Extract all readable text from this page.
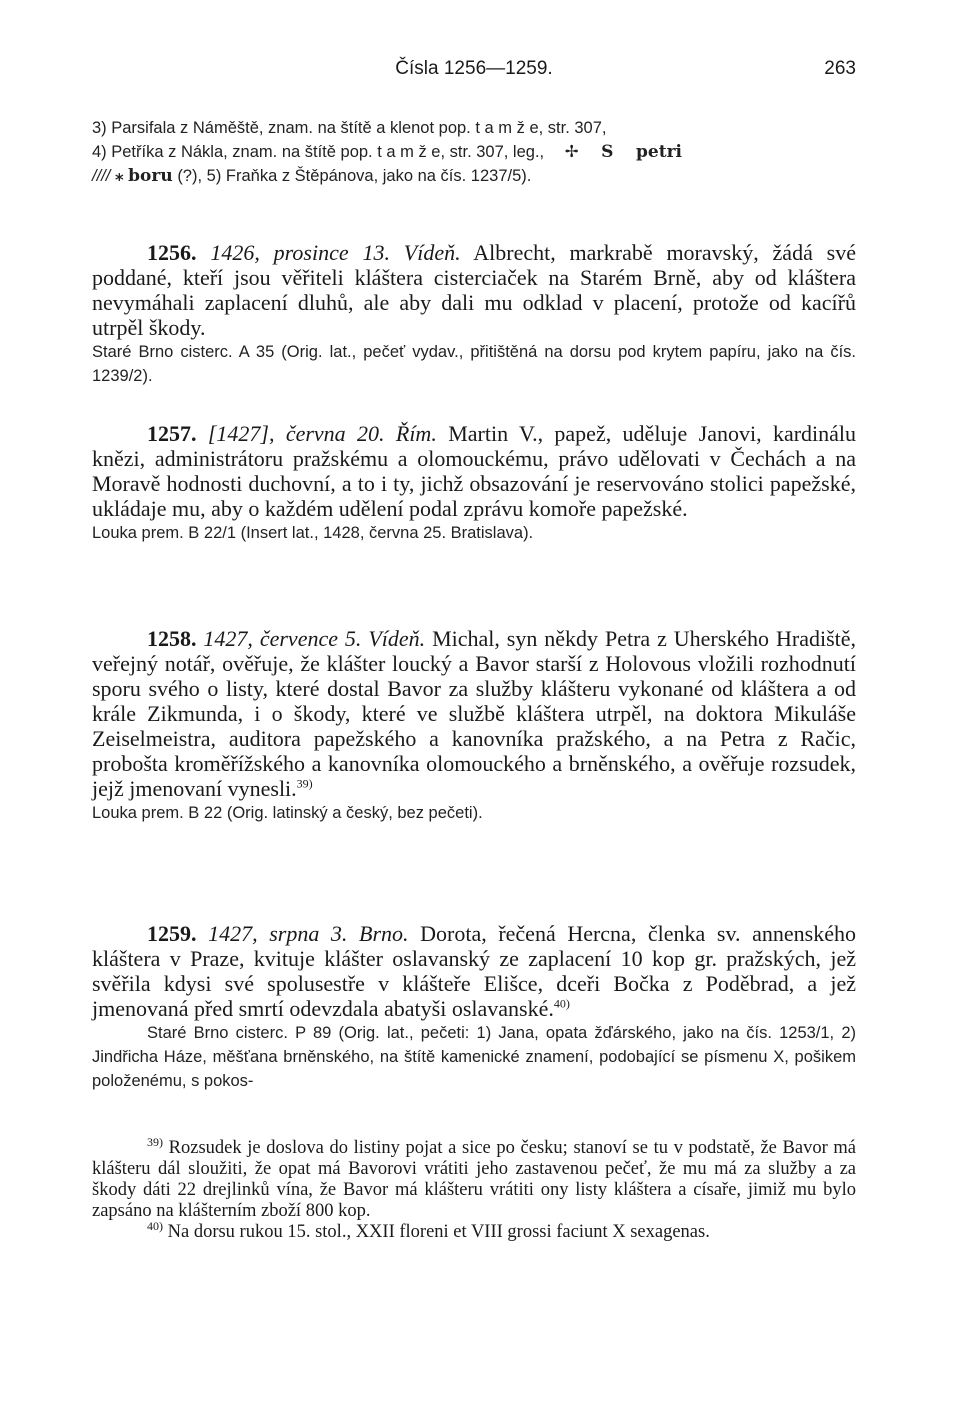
Čísla 1256—1259.	263
3) Parsifala z Náměště, znam. na štítě a klenot pop. t a m ž e, str. 307,
4) Petříka z Nákla, znam. na štítě pop. t a m ž e, str. 307, leg., ✢ S petri
//// ⁎ boru (?), 5) Fraňka z Štěpánova, jako na čís. 1237/5).
1256. 1426, prosince 13. Vídeň. Albrecht, markrabě moravský, žádá své poddané, kteří jsou věřiteli kláštera cisterciaček na Starém Brně, aby od kláštera nevymáhali zaplacení dluhů, ale aby dali mu odklad v placení, protože od kacířů utrpěl škody.
Staré Brno cisterc. A 35 (Orig. lat., pečeť vydav., přitištěná na dorsu pod krytem papíru, jako na čís. 1239/2).
1257. [1427], června 20. Řím. Martin V., papež, uděluje Janovi, kardinálu knězi, administrátoru pražskému a olomouckému, právo udělovati v Čechách a na Moravě hodnosti duchovní, a to i ty, jichž obsazování je reservováno stolici papežské, ukládaje mu, aby o každém udělení podal zprávu komoře papežské.
Louka prem. B 22/1 (Insert lat., 1428, června 25. Bratislava).
1258. 1427, července 5. Vídeň. Michal, syn někdy Petra z Uherského Hradiště, veřejný notář, ověřuje, že klášter loucký a Bavor starší z Holovous vložili rozhodnutí sporu svého o listy, které dostal Bavor za služby klášteru vykonané od kláštera a od krále Zikmunda, i o škody, které ve službě kláštera utrpěl, na doktora Mikuláše Zeiselmeistra, auditora papežského a kanovníka pražského, a na Petra z Račic, probošta kroměřížského a kanovníka olomouckého a brněnského, a ověřuje rozsudek, jejž jmenovaní vynesli.$^{39)}$
Louka prem. B 22 (Orig. latinský a český, bez pečeti).
1259. 1427, srpna 3. Brno. Dorota, řečená Hercna, členka sv. annenského kláštera v Praze, kvituje klášter oslavanský ze zaplacení 10 kop gr. pražských, jež svěřila kdysi své spolusestře v klášteře Elišce, dceři Bočka z Poděbrad, a jež jmenovaná před smrtí odevzdala abatyši oslavanské.$^{40)}$
Staré Brno cisterc. P 89 (Orig. lat., pečeti: 1) Jana, opata žďárského, jako na čís. 1253/1, 2) Jindřicha Háze, měšťana brněnského, na štítě kamenické znamení, podobající se písmenu X, pošikem položenému, s pokos-
$^{39)}$ Rozsudek je doslova do listiny pojat a sice po česku; stanoví se tu v podstatě, že Bavor má klášteru dál sloužiti, že opat má Bavorovi vrátiti jeho zastavenou pečeť, že mu má za služby a za škody dáti 22 drejlinků vína, že Bavor má klášteru vrátiti ony listy kláštera a císaře, jimiž mu bylo zapsáno na klášterním zboží 800 kop.
$^{40)}$ Na dorsu rukou 15. stol., XXII floreni et VIII grossi faciunt X sexagenas.
